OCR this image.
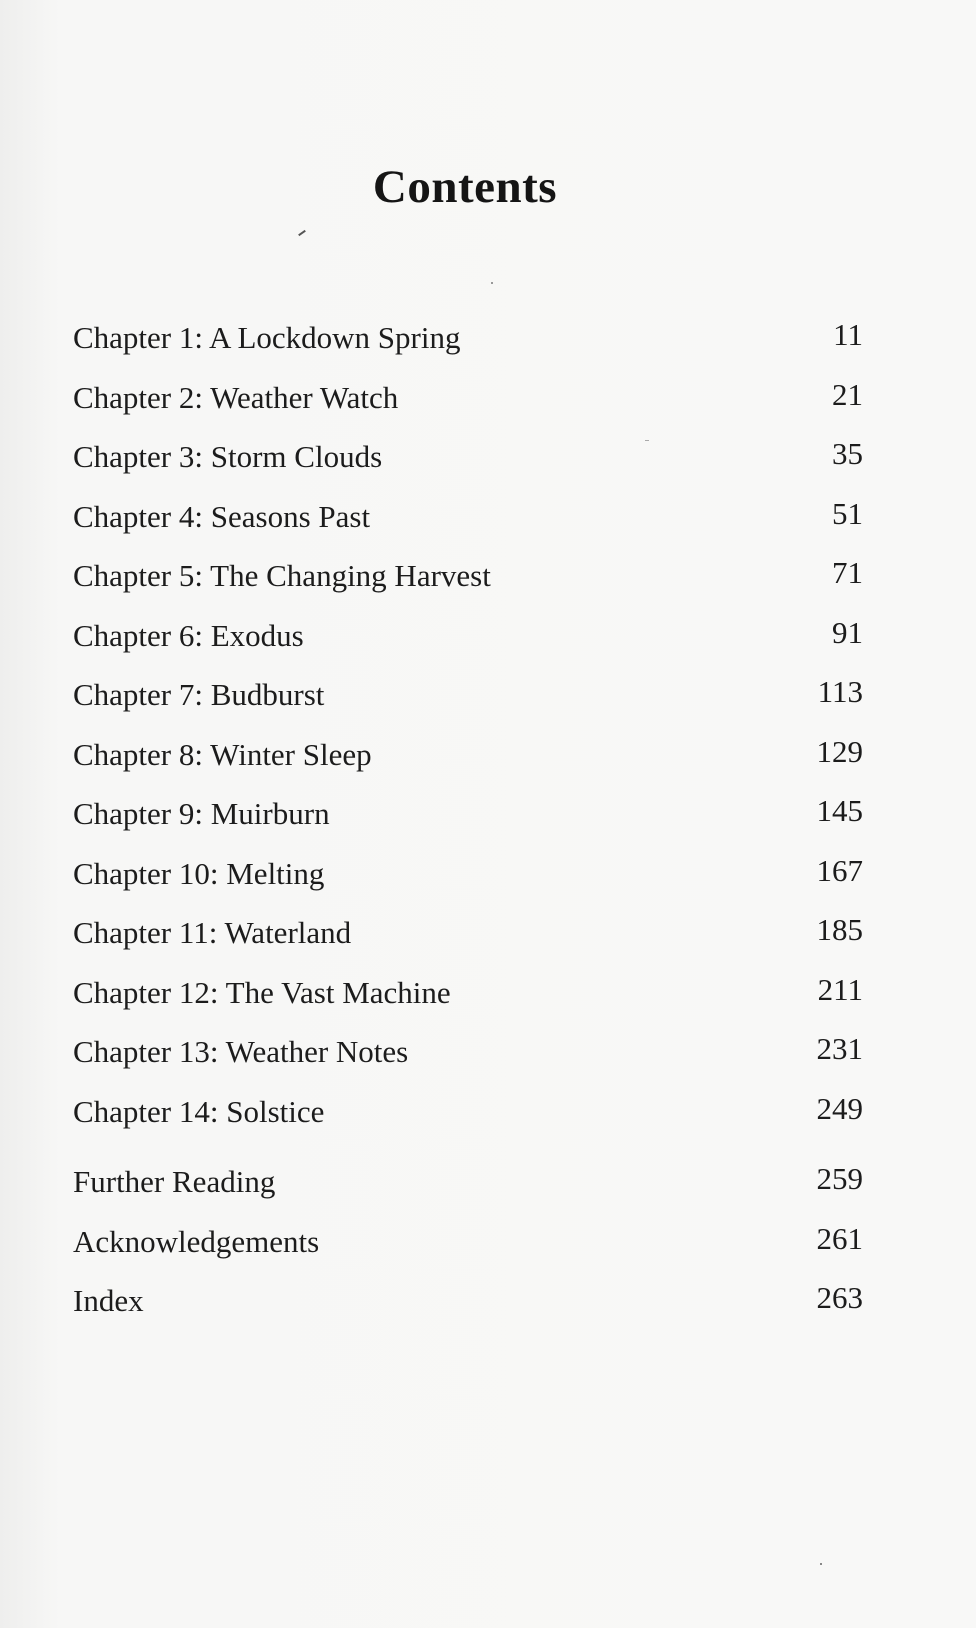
Contents
Chapter 1: A Lockdown Spring	11
Chapter 2: Weather Watch	21
Chapter 3: Storm Clouds	35
Chapter 4: Seasons Past	51
Chapter 5: The Changing Harvest	71
Chapter 6: Exodus	91
Chapter 7: Budburst	113
Chapter 8: Winter Sleep	129
Chapter 9: Muirburn	145
Chapter 10: Melting	167
Chapter 11: Waterland	185
Chapter 12: The Vast Machine	211
Chapter 13: Weather Notes	231
Chapter 14: Solstice	249
Further Reading	259
Acknowledgements	261
Index	263
